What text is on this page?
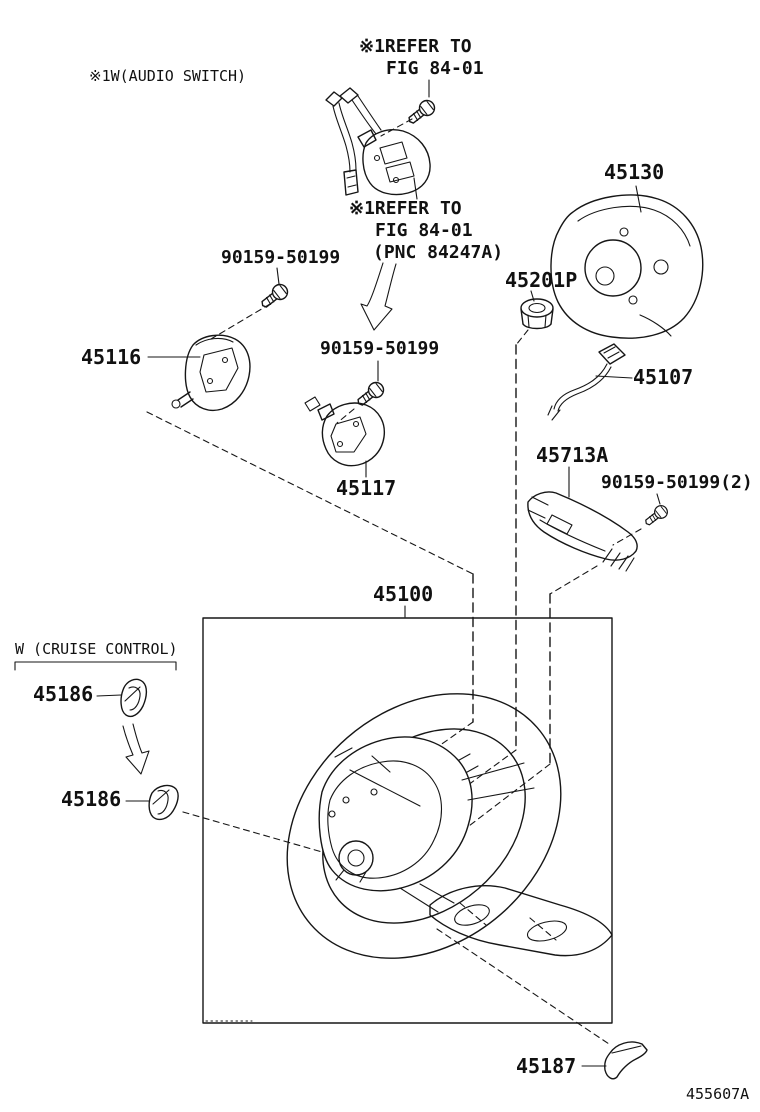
※1W(AUDIO SWITCH)
※1REFER TO
FIG 84-01
※1REFER TO
FIG 84-01
(PNC 84247A)
45130
45201P
45107
90159-50199
45116	90159-50199
45117
45713A
90159-50199(2)
45100
W (CRUISE CONTROL)
45186
45186
45187
455607A
